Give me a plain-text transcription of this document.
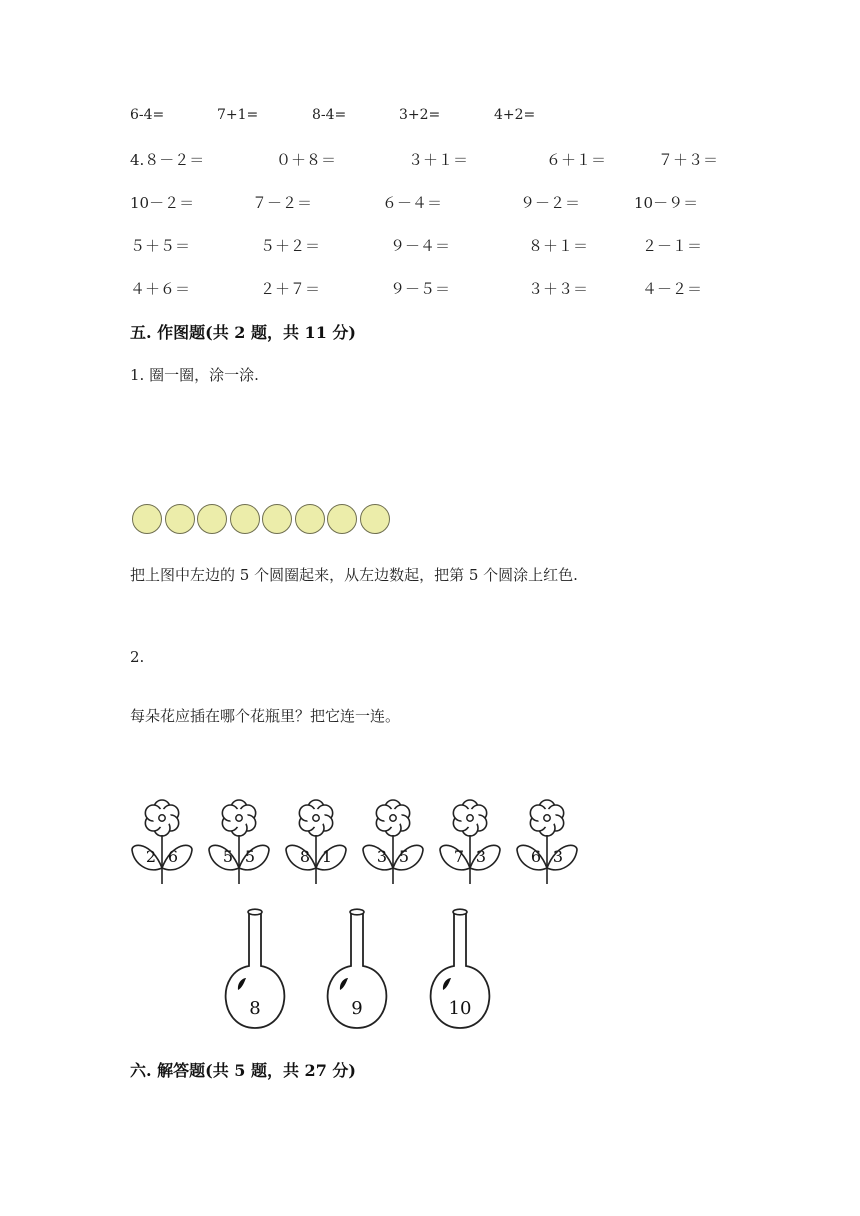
6-4=	7+1=	8-4=	3+2=	4+2=
4.８－２＝	０＋８＝	３＋１＝	６＋１＝	７＋３＝
10－２＝	７－２＝	６－４＝	９－２＝	10－９＝
５＋５＝	５＋２＝	９－４＝	８＋１＝	２－１＝
４＋６＝	２＋７＝	９－５＝	３＋３＝	４－２＝
五. 作图题(共 2 题，共 11 分)
1. 圈一圈，涂一涂.
把上图中左边的 5 个圆圈起来，从左边数起，把第 5 个圆涂上红色.
2.
每朵花应插在哪个花瓶里？把它连一连。
2 6	5 5	8 1	3 5	7 3	6 3
8	9	10
六. 解答题(共 5 题，共 27 分)
